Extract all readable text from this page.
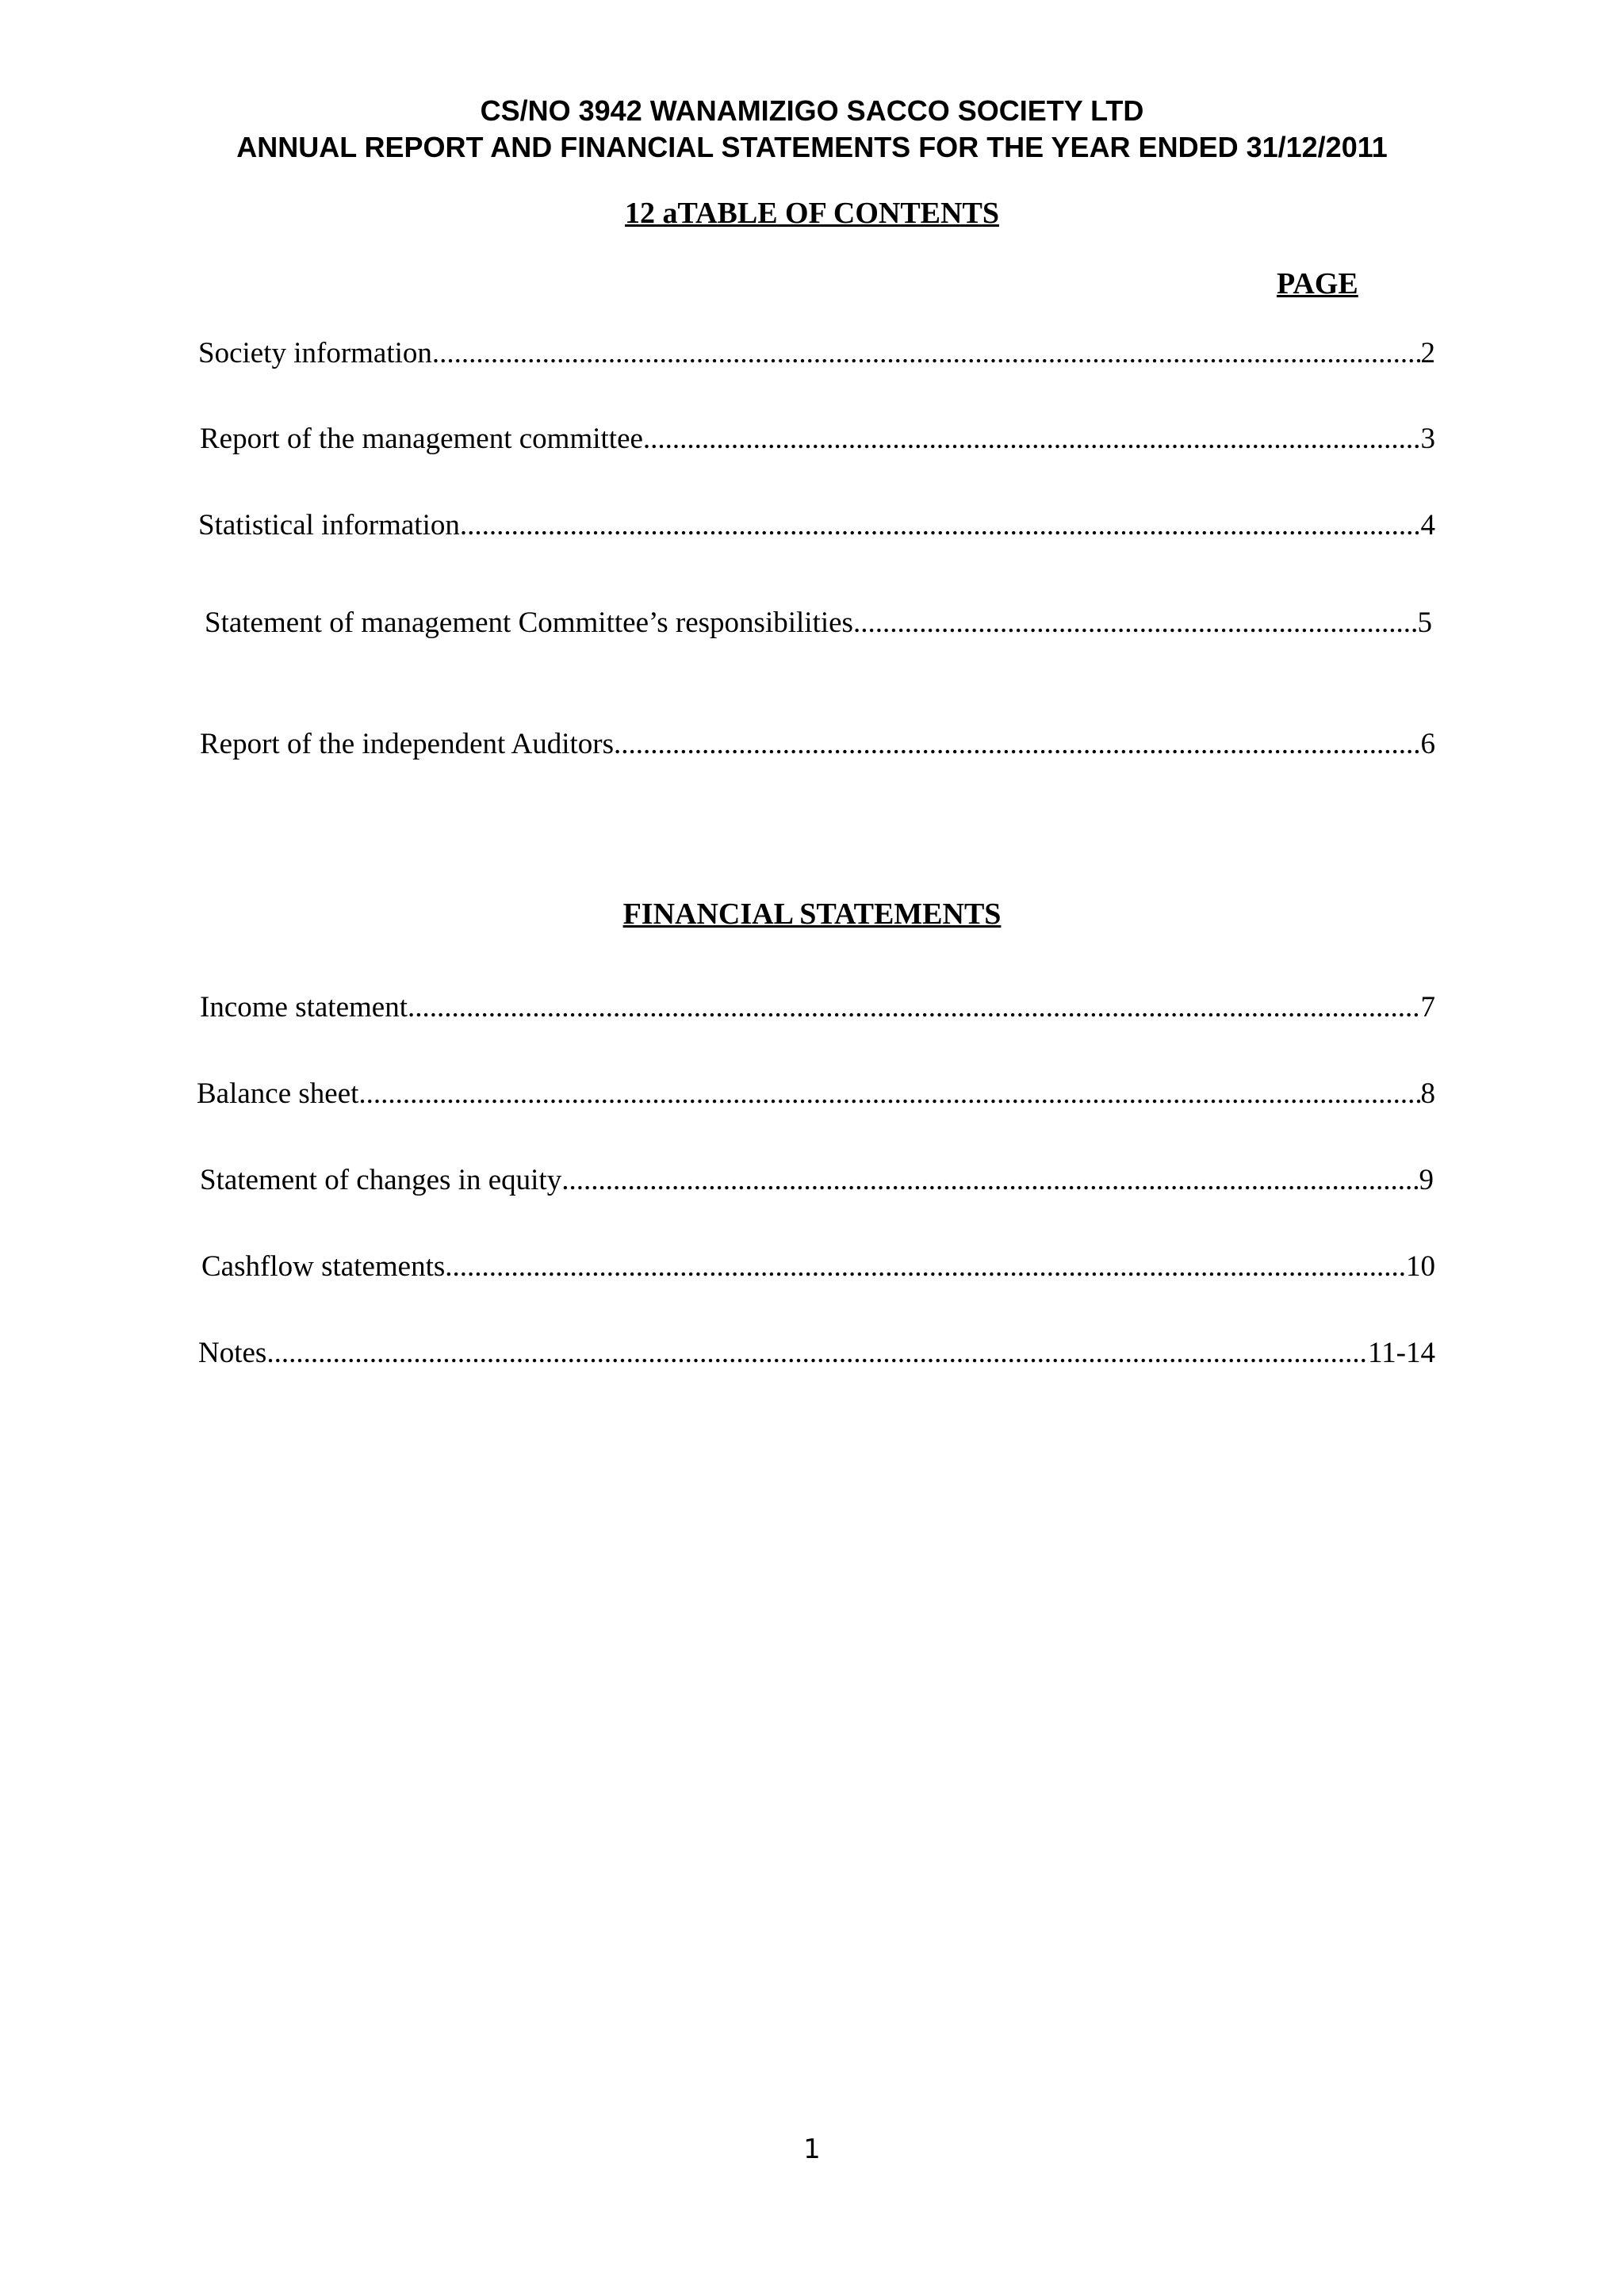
CS/NO 3942 WANAMIZIGO SACCO SOCIETY LTD
ANNUAL REPORT AND FINANCIAL STATEMENTS FOR THE YEAR ENDED 31/12/2011
12 aTABLE OF CONTENTS
PAGE
Society information .....	2
Report of the management committee .....	3
Statistical information .....	4
Statement of management Committee’s responsibilities .....	5
Report of the independent Auditors .....	6
FINANCIAL STATEMENTS
Income statement .....	7
Balance sheet .....	8
Statement of changes in equity .....	9
Cashflow statements .....	10
Notes .....	11-14
1
